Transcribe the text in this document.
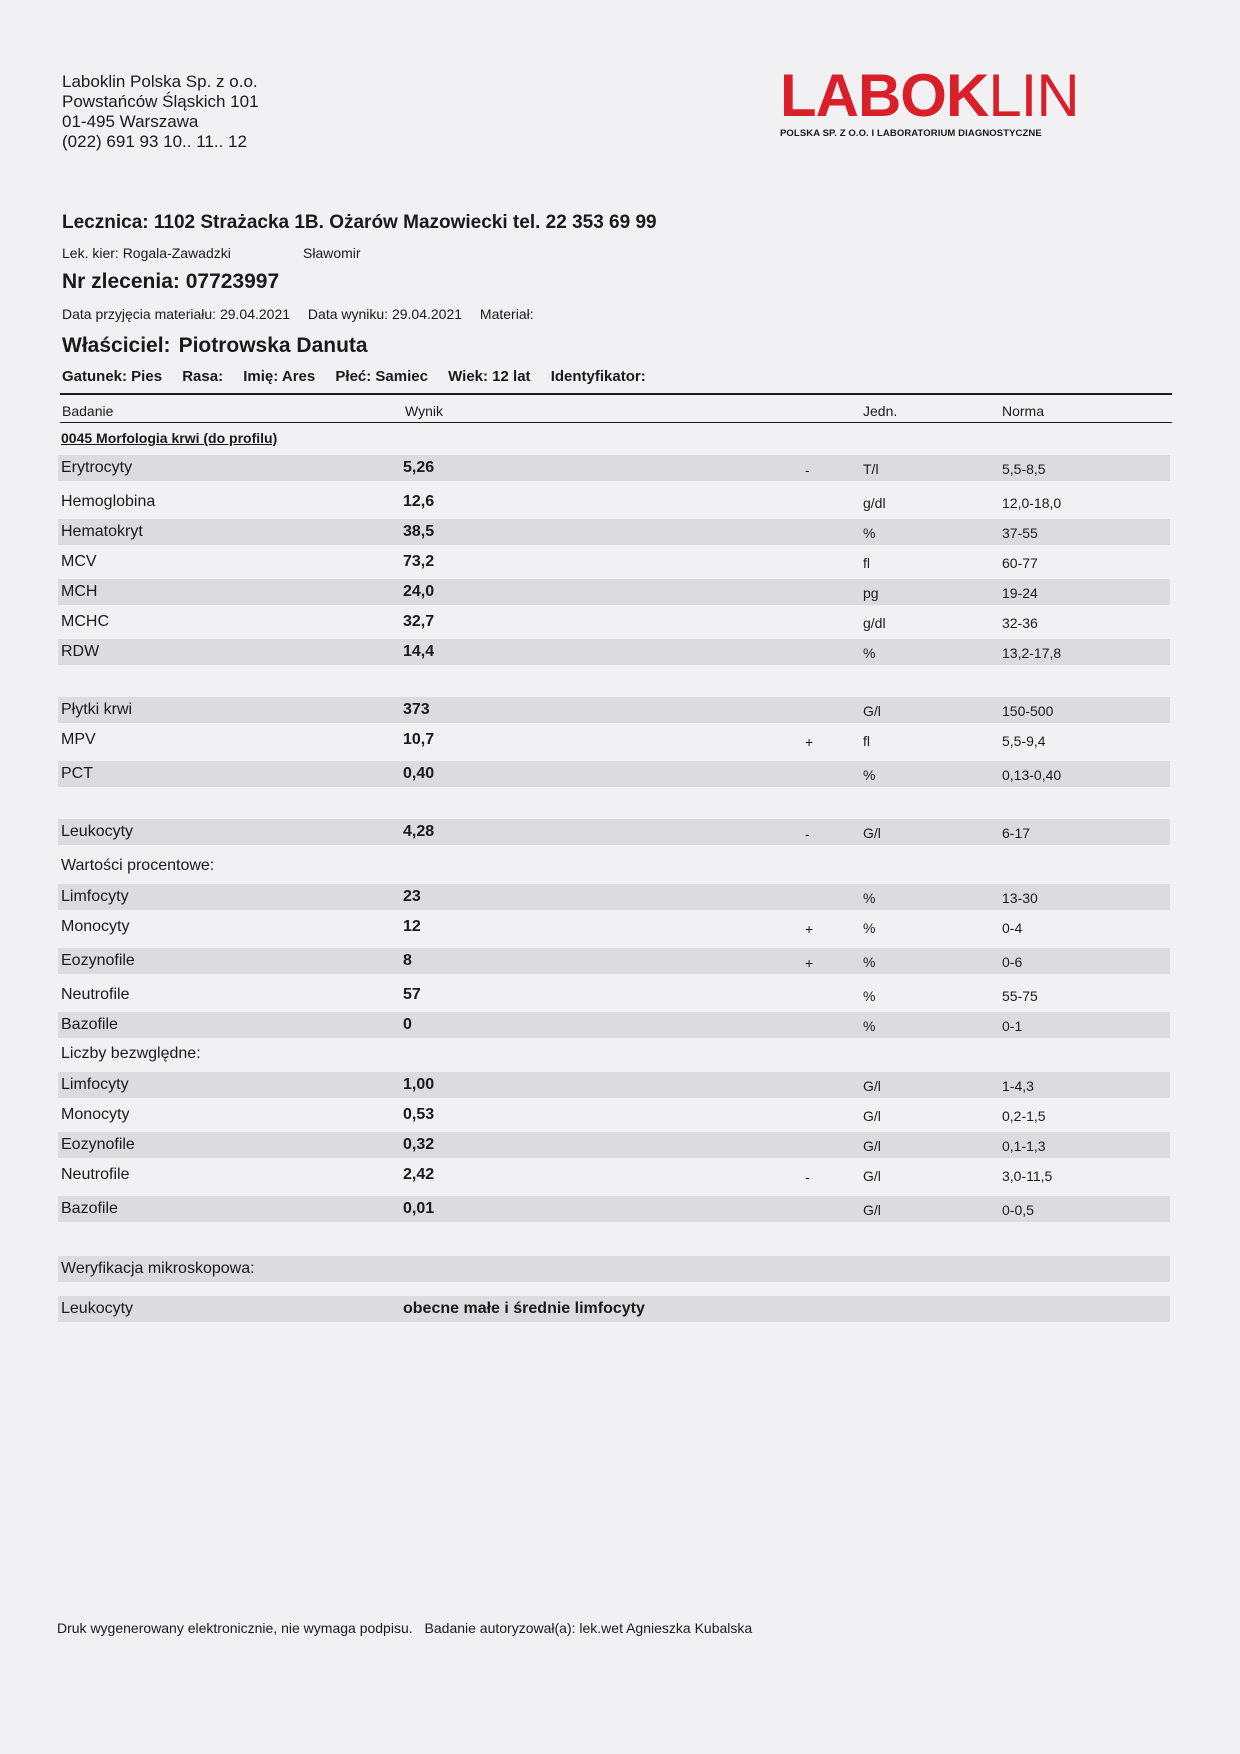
Laboklin Polska Sp. z o.o.
Powstańców Śląskich 101
01-495 Warszawa
(022) 691 93 10.. 11.. 12
LABOKLIN
POLSKA SP. Z O.O. I LABORATORIUM DIAGNOSTYCZNE
Lecznica: 1102 Strażacka 1B. Ożarów Mazowiecki tel. 22 353 69 99
Lek. kier: Rogala-Zawadzki	Sławomir
Nr zlecenia: 07723997
Data przyjęcia materiału: 29.04.2021 Data wyniku: 29.04.2021 Materiał:
Właściciel: Piotrowska Danuta
Gatunek: Pies Rasa: Imię: Ares Płeć: Samiec Wiek: 12 lat Identyfikator:
Badanie	Wynik	Jedn.	Norma
0045 Morfologia krwi (do profilu)
Erytrocyty	5,26	-	T/l	5,5-8,5
Hemoglobina	12,6	g/dl	12,0-18,0
Hematokryt	38,5	%	37-55
MCV	73,2	fl	60-77
MCH	24,0	pg	19-24
MCHC	32,7	g/dl	32-36
RDW	14,4	%	13,2-17,8
Płytki krwi	373	G/l	150-500
MPV	10,7	+	fl	5,5-9,4
PCT	0,40	%	0,13-0,40
Leukocyty	4,28	-	G/l	6-17
Wartości procentowe:
Limfocyty	23	%	13-30
Monocyty	12	+	%	0-4
Eozynofile	8	+	%	0-6
Neutrofile	57	%	55-75
Bazofile	0	%	0-1
Liczby bezwględne:
Limfocyty	1,00	G/l	1-4,3
Monocyty	0,53	G/l	0,2-1,5
Eozynofile	0,32	G/l	0,1-1,3
Neutrofile	2,42	-	G/l	3,0-11,5
Bazofile	0,01	G/l	0-0,5
Weryfikacja mikroskopowa:
Leukocyty	obecne małe i średnie limfocyty
Druk wygenerowany elektronicznie, nie wymaga podpisu. Badanie autoryzował(a): lek.wet Agnieszka Kubalska
